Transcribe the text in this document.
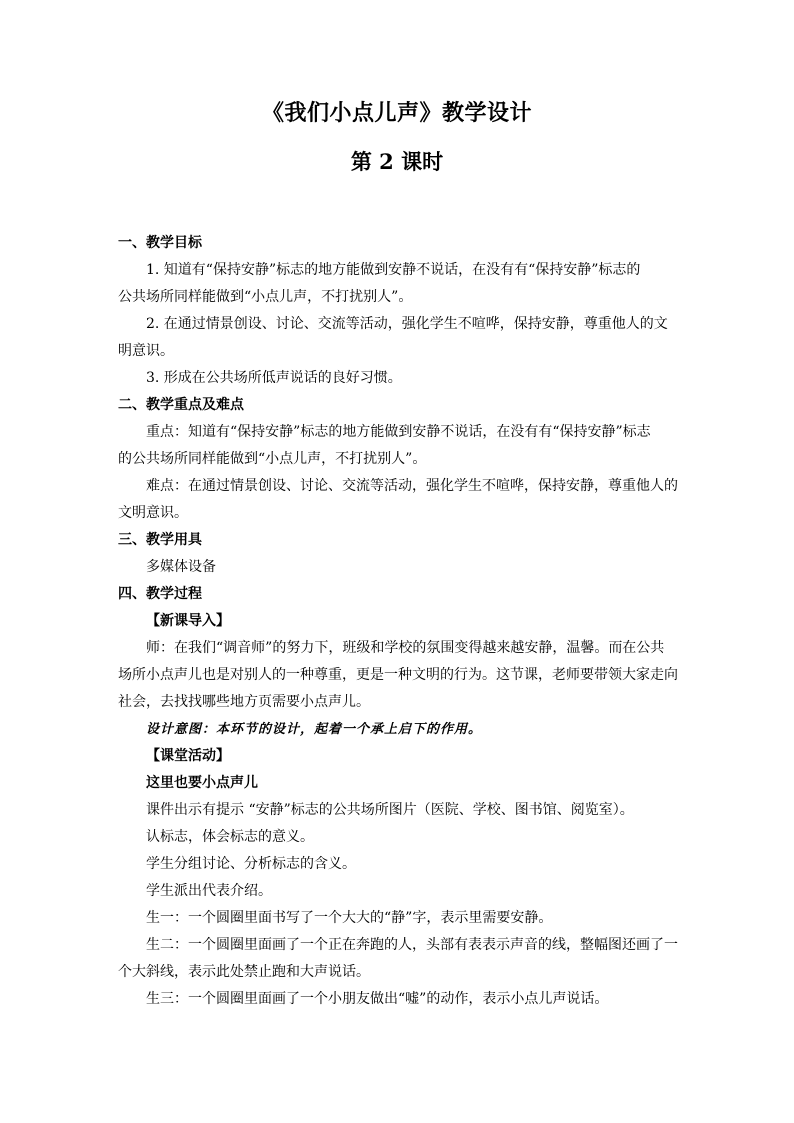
《我们小点儿声》教学设计
第 2 课时
一、教学目标
1. 知道有“保持安静”标志的地方能做到安静不说话，在没有有“保持安静”标志的
公共场所同样能做到“小点儿声，不打扰别人”。
2. 在通过情景创设、讨论、交流等活动，强化学生不喧哗，保持安静，尊重他人的文
明意识。
3. 形成在公共场所低声说话的良好习惯。
二、教学重点及难点
重点：知道有“保持安静”标志的地方能做到安静不说话，在没有有“保持安静”标志
的公共场所同样能做到“小点儿声，不打扰别人”。
难点：在通过情景创设、讨论、交流等活动，强化学生不喧哗，保持安静，尊重他人的
文明意识。
三、教学用具
多媒体设备
四、教学过程
【新课导入】
师：在我们“调音师”的努力下，班级和学校的氛围变得越来越安静，温馨。而在公共
场所小点声儿也是对别人的一种尊重，更是一种文明的行为。这节课，老师要带领大家走向
社会，去找找哪些地方页需要小点声儿。
设计意图：本环节的设计，起着一个承上启下的作用。
【课堂活动】
这里也要小点声儿
课件出示有提示 “安静”标志的公共场所图片（医院、学校、图书馆、阅览室）。
认标志，体会标志的意义。
学生分组讨论、分析标志的含义。
学生派出代表介绍。
生一：一个圆圈里面书写了一个大大的“静”字，表示里需要安静。
生二：一个圆圈里面画了一个正在奔跑的人，头部有表表示声音的线，整幅图还画了一
个大斜线，表示此处禁止跑和大声说话。
生三：一个圆圈里面画了一个小朋友做出“嘘”的动作，表示小点儿声说话。
